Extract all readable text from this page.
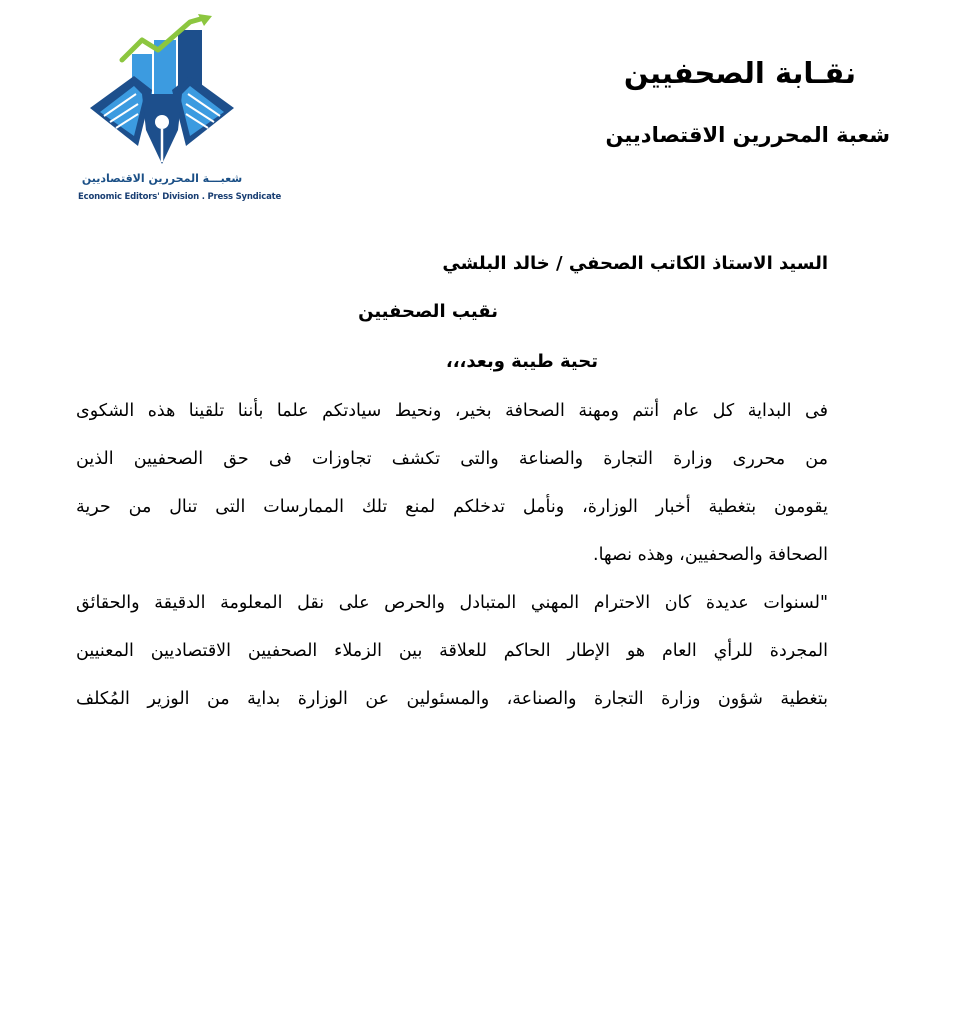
شعبـــة المحررين الاقتصاديين
Economic Editors' Division . Press Syndicate
نقـابة الصحفيين
شعبة المحررين الاقتصاديين
السيد الاستاذ الكاتب الصحفي / خالد البلشي
نقيب الصحفيين
تحية طيبة وبعد،،،
فى البداية كل عام أنتم ومهنة الصحافة بخير، ونحيط سيادتكم علما بأننا تلقينا هذه الشكوى
من محررى وزارة التجارة والصناعة والتى تكشف تجاوزات فى حق الصحفيين الذين
يقومون بتغطية أخبار الوزارة، ونأمل تدخلكم لمنع تلك الممارسات التى تنال من حرية
الصحافة والصحفيين، وهذه نصها.
"لسنوات عديدة كان الاحترام المهني المتبادل والحرص على نقل المعلومة الدقيقة والحقائق
المجردة للرأي العام هو الإطار الحاكم للعلاقة بين الزملاء الصحفيين الاقتصاديين المعنيين
بتغطية شؤون وزارة التجارة والصناعة، والمسئولين عن الوزارة بداية من الوزير المُكلف
